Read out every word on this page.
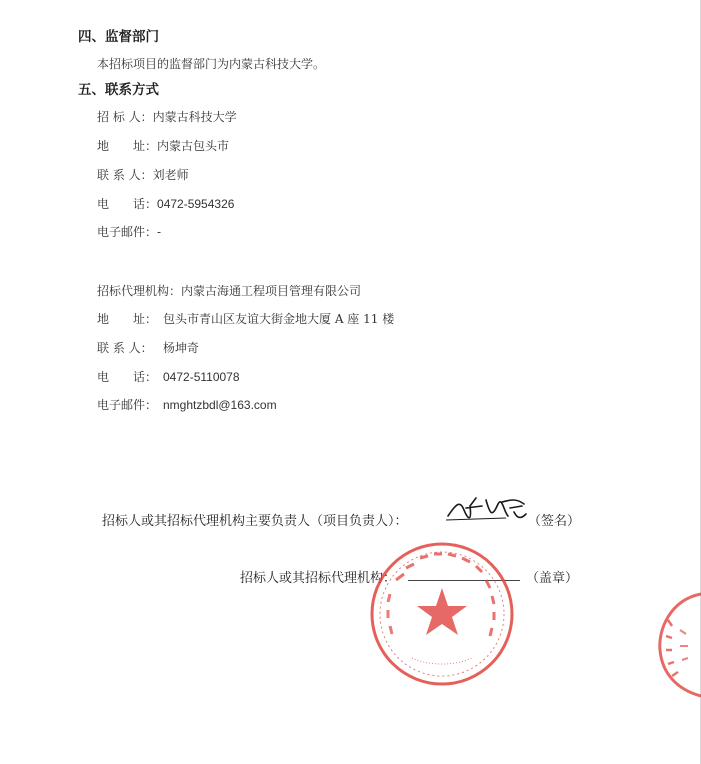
四、监督部门
本招标项目的监督部门为内蒙古科技大学。
五、联系方式
招 标 人：内蒙古科技大学
地　　址：内蒙古包头市
联 系 人：刘老师
电　　话：0472-5954326
电子邮件：-
招标代理机构：内蒙古海通工程项目管理有限公司
地　　址： 包头市青山区友谊大街金地大厦 A 座 11 楼
联 系 人： 杨坤奇
电　　话： 0472-5110078
电子邮件： nmghtzbdl@163.com
招标人或其招标代理机构主要负责人（项目负责人）：	（签名）
招标人或其招标代理机构：	（盖章）
